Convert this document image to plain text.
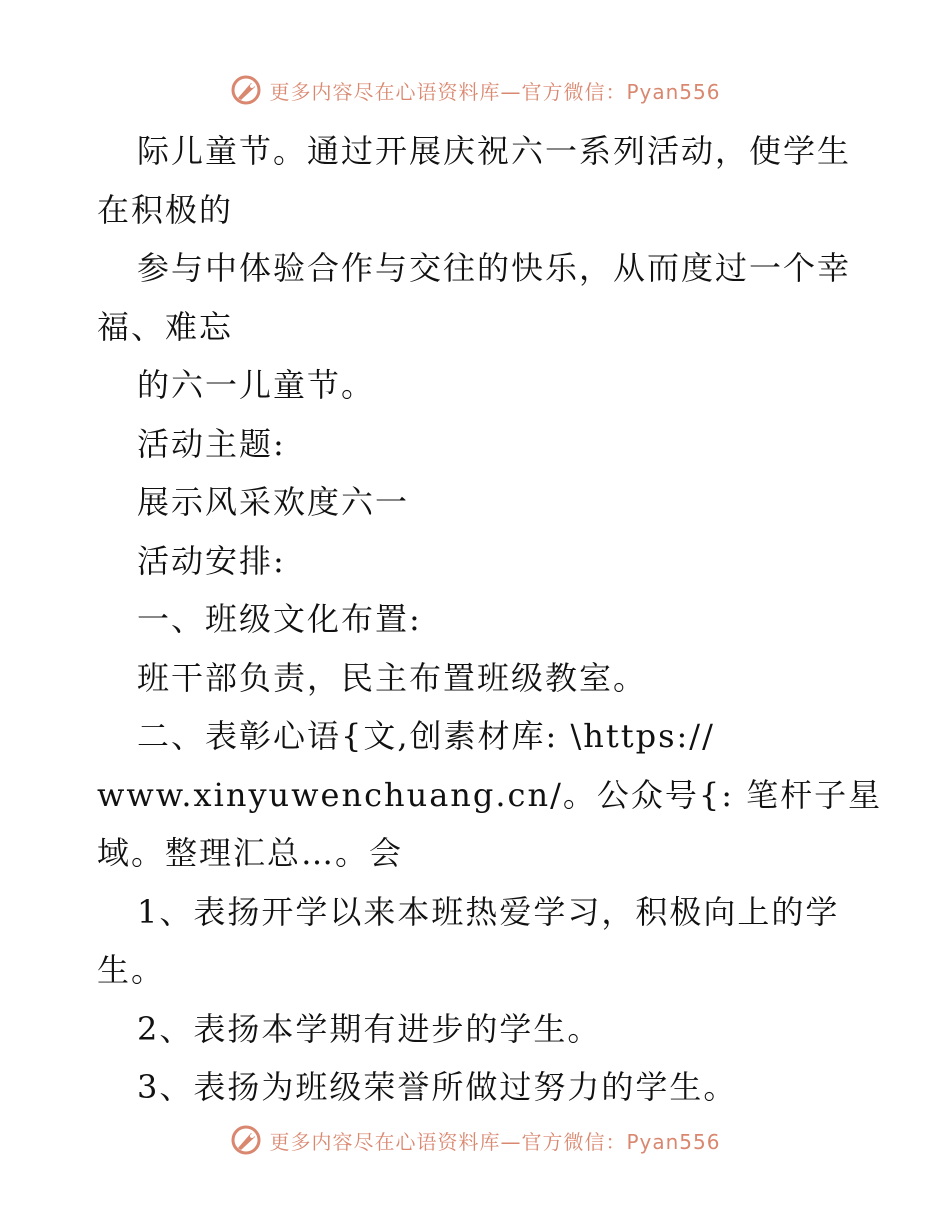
更多内容尽在心语资料库—官方微信：Pyan556
际儿童节。通过开展庆祝六一系列活动，使学生
在积极的
参与中体验合作与交往的快乐，从而度过一个幸
福、难忘
的六一儿童节。
活动主题:
展示风采欢度六一
活动安排:
一、班级文化布置:
班干部负责，民主布置班级教室。
二、表彰心语{文,创素材库: \https://
www.xinyuwenchuang.cn/。公众号{: 笔杆子星
域。整理汇总…。会
1、表扬开学以来本班热爱学习，积极向上的学
生。
2、表扬本学期有进步的学生。
3、表扬为班级荣誉所做过努力的学生。
更多内容尽在心语资料库—官方微信：Pyan556
